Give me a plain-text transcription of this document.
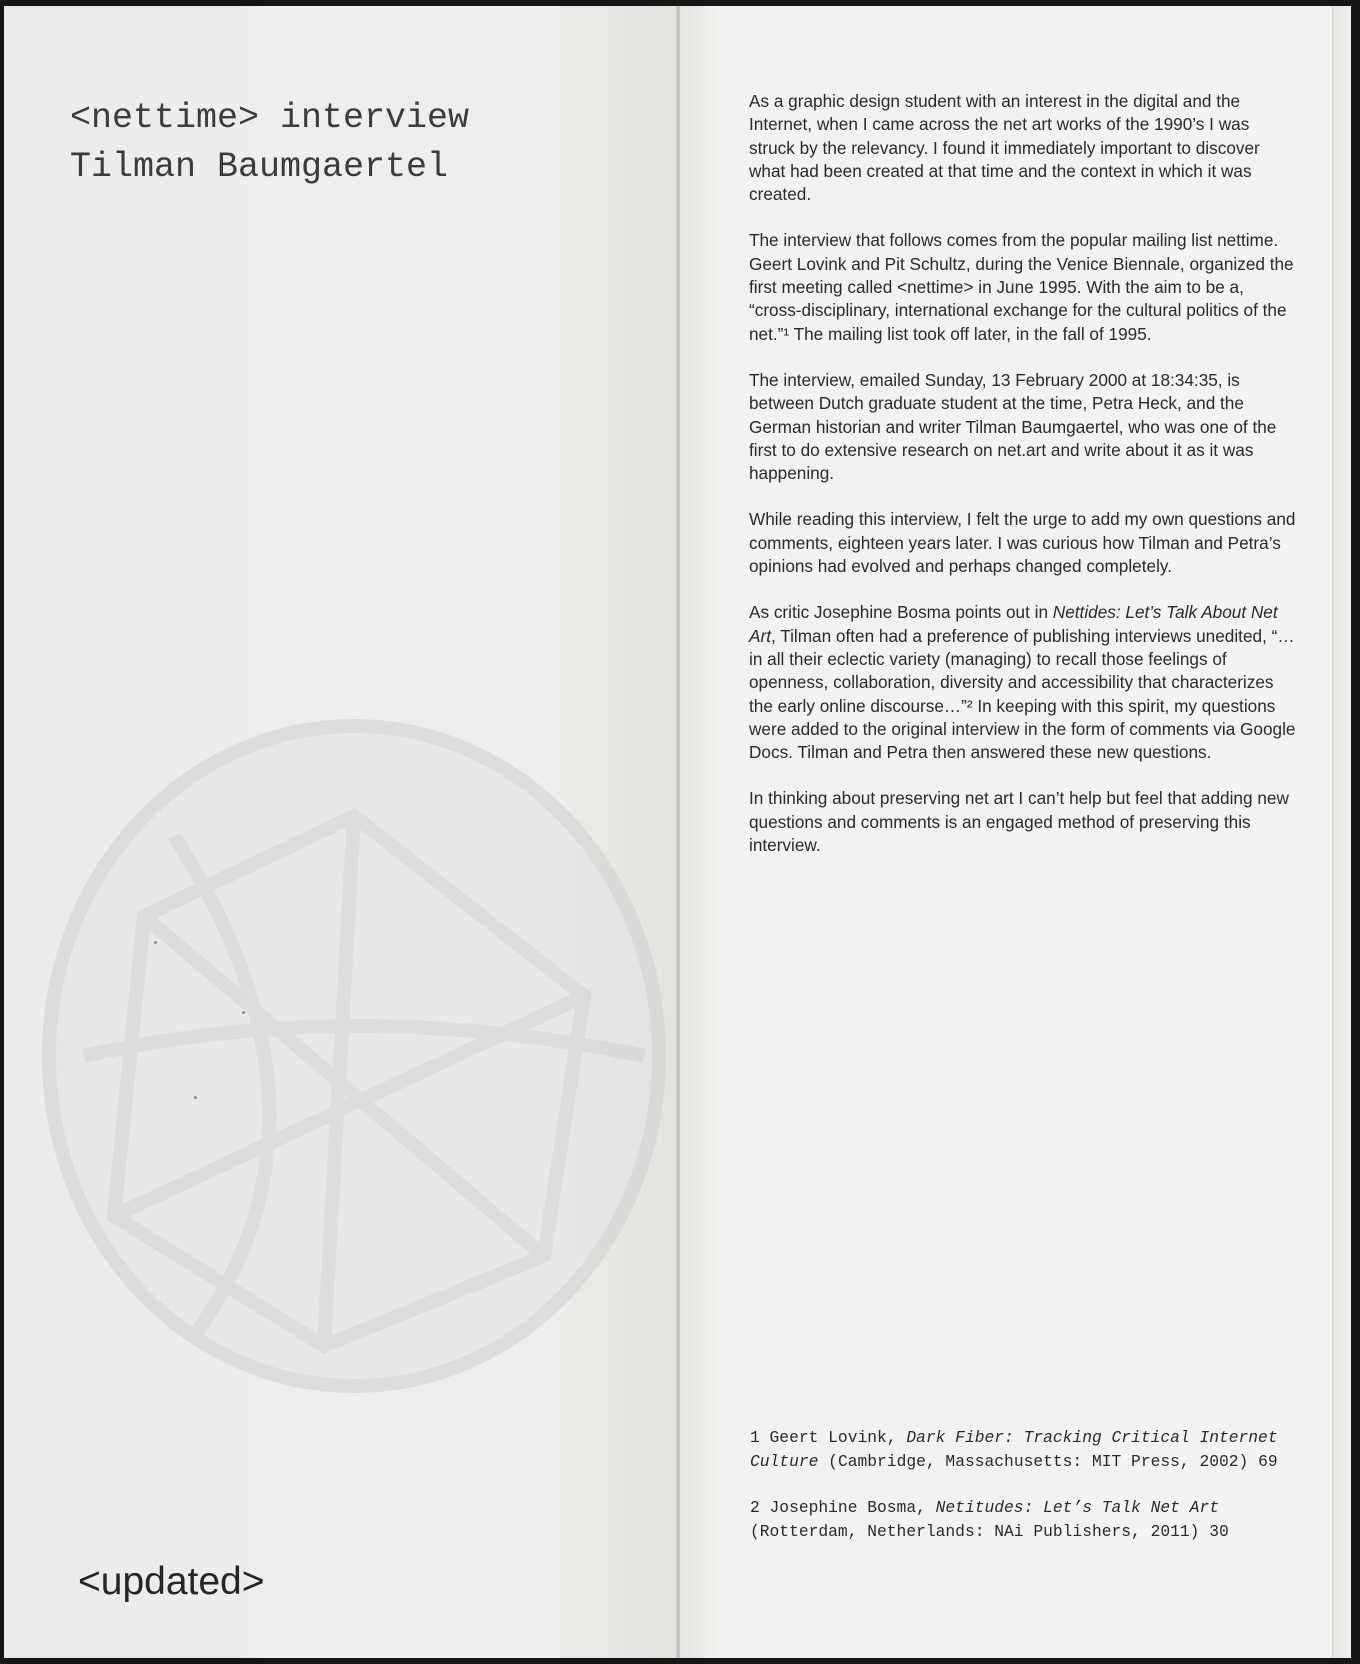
<nettime> interview
Tilman Baumgaertel
<updated>

As a graphic design student with an interest in the digital and the Internet, when I came across the net art works of the 1990’s I was struck by the relevancy. I found it immediately important to discover what had been created at that time and the context in which it was created.

The interview that follows comes from the popular mailing list nettime. Geert Lovink and Pit Schultz, during the Venice Biennale, organized the first meeting called <nettime> in June 1995. With the aim to be a, “cross-disciplinary, international exchange for the cultural politics of the net.”¹ The mailing list took off later, in the fall of 1995.

The interview, emailed Sunday, 13 February 2000 at 18:34:35, is between Dutch graduate student at the time, Petra Heck, and the German historian and writer Tilman Baumgaertel, who was one of the first to do extensive research on net.art and write about it as it was happening.

While reading this interview, I felt the urge to add my own questions and comments, eighteen years later. I was curious how Tilman and Petra’s opinions had evolved and perhaps changed completely.

As critic Josephine Bosma points out in Nettides: Let’s Talk About Net Art, Tilman often had a preference of publishing interviews unedited, “…in all their eclectic variety (managing) to recall those feelings of openness, collaboration, diversity and accessibility that characterizes the early online discourse…”² In keeping with this spirit, my questions were added to the original interview in the form of comments via Google Docs. Tilman and Petra then answered these new questions.

In thinking about preserving net art I can’t help but feel that adding new questions and comments is an engaged method of preserving this interview.

1 Geert Lovink, Dark Fiber: Tracking Critical Internet Culture (Cambridge, Massachusetts: MIT Press, 2002) 69

2 Josephine Bosma, Netitudes: Let’s Talk Net Art (Rotterdam, Netherlands: NAi Publishers, 2011) 30
